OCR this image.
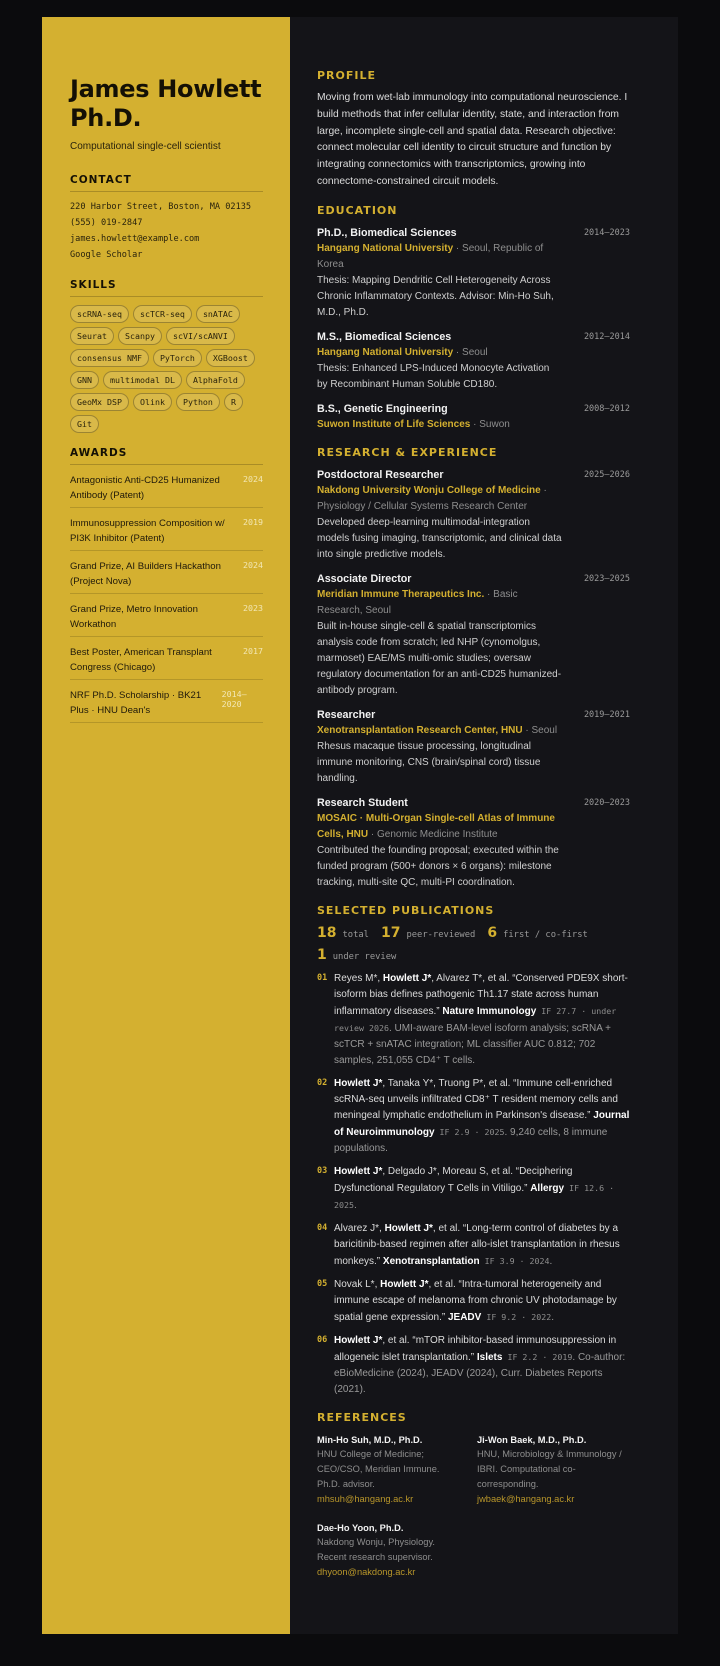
James Howlett Ph.D.
Computational single-cell scientist
CONTACT
220 Harbor Street, Boston, MA 02135
(555) 019-2847
james.howlett@example.com
Google Scholar
SKILLS
scRNA-seq	scTCR-seq	snATAC
Seurat	Scanpy	scVI/scANVI
consensus NMF	PyTorch	XGBoost
GNN	multimodal DL	AlphaFold
GeoMx DSP	Olink	Python	R
Git
AWARDS
Antagonistic Anti-CD25 Humanized Antibody (Patent)
2024
Immunosuppression Composition w/ PI3K Inhibitor (Patent)
2019
Grand Prize, AI Builders Hackathon (Project Nova)
2024
Grand Prize, Metro Innovation Workathon
2023
Best Poster, American Transplant Congress (Chicago)
2017
NRF Ph.D. Scholarship · BK21 Plus · HNU Dean's
2014–2020
PROFILE

Moving from wet-lab immunology into computational neuroscience. I build methods that infer cellular identity, state, and interaction from large, incomplete single-cell and spatial data. Research objective: connect molecular cell identity to circuit structure and function by integrating connectomics with transcriptomics, growing into connectome-constrained circuit models.

EDUCATION
Ph.D., Biomedical Sciences
Hangang National University · Seoul, Republic of Korea
Thesis: Mapping Dendritic Cell Heterogeneity Across Chronic Inflammatory Contexts. Advisor: Min-Ho Suh, M.D., Ph.D.
2014–2023
M.S., Biomedical Sciences
Hangang National University · Seoul
Thesis: Enhanced LPS-Induced Monocyte Activation by Recombinant Human Soluble CD180.
2012–2014
B.S., Genetic Engineering
Suwon Institute of Life Sciences · Suwon
2008–2012
RESEARCH & EXPERIENCE
Postdoctoral Researcher
Nakdong University Wonju College of Medicine · Physiology / Cellular Systems Research Center
Developed deep-learning multimodal-integration models fusing imaging, transcriptomic, and clinical data into single predictive models.
2025–2026
Associate Director
Meridian Immune Therapeutics Inc. · Basic Research, Seoul
Built in-house single-cell & spatial transcriptomics analysis code from scratch; led NHP (cynomolgus, marmoset) EAE/MS multi-omic studies; oversaw regulatory documentation for an anti-CD25 humanized-antibody program.
2023–2025
Researcher
Xenotransplantation Research Center, HNU · Seoul
Rhesus macaque tissue processing, longitudinal immune monitoring, CNS (brain/spinal cord) tissue handling.
2019–2021
Research Student
MOSAIC · Multi-Organ Single-cell Atlas of Immune Cells, HNU · Genomic Medicine Institute
Contributed the founding proposal; executed within the funded program (500+ donors × 6 organs): milestone tracking, multi-site QC, multi-PI coordination.
2020–2023
SELECTED PUBLICATIONS
18 total 17 peer-reviewed 6 first / co-first
1 under review
01 Reyes M*, Howlett J*, Alvarez T*, et al. “Conserved PDE9X short-isoform bias defines pathogenic Th1.17 state across human inflammatory diseases.” Nature Immunology IF 27.7 · under review 2026. UMI-aware BAM-level isoform analysis; scRNA + scTCR + snATAC integration; ML classifier AUC 0.812; 702 samples, 251,055 CD4⁺ T cells.
02 Howlett J*, Tanaka Y*, Truong P*, et al. “Immune cell-enriched scRNA-seq unveils infiltrated CD8⁺ T resident memory cells and meningeal lymphatic endothelium in Parkinson's disease.” Journal of Neuroimmunology IF 2.9 · 2025. 9,240 cells, 8 immune populations.
03 Howlett J*, Delgado J*, Moreau S, et al. “Deciphering Dysfunctional Regulatory T Cells in Vitiligo.” Allergy IF 12.6 · 2025.
04 Alvarez J*, Howlett J*, et al. “Long-term control of diabetes by a baricitinib-based regimen after allo-islet transplantation in rhesus monkeys.” Xenotransplantation IF 3.9 · 2024.
05 Novak L*, Howlett J*, et al. “Intra-tumoral heterogeneity and immune escape of melanoma from chronic UV photodamage by spatial gene expression.” JEADV IF 9.2 · 2022.
06 Howlett J*, et al. “mTOR inhibitor-based immunosuppression in allogeneic islet transplantation.” Islets IF 2.2 · 2019. Co-author: eBioMedicine (2024), JEADV (2024), Curr. Diabetes Reports (2021).
REFERENCES
Min-Ho Suh, M.D., Ph.D.
HNU College of Medicine; CEO/CSO, Meridian Immune. Ph.D. advisor.
mhsuh@hangang.ac.kr
Ji-Won Baek, M.D., Ph.D.
HNU, Microbiology & Immunology / IBRI. Computational co-corresponding.
jwbaek@hangang.ac.kr
Dae-Ho Yoon, Ph.D.
Nakdong Wonju, Physiology. Recent research supervisor.
dhyoon@nakdong.ac.kr
